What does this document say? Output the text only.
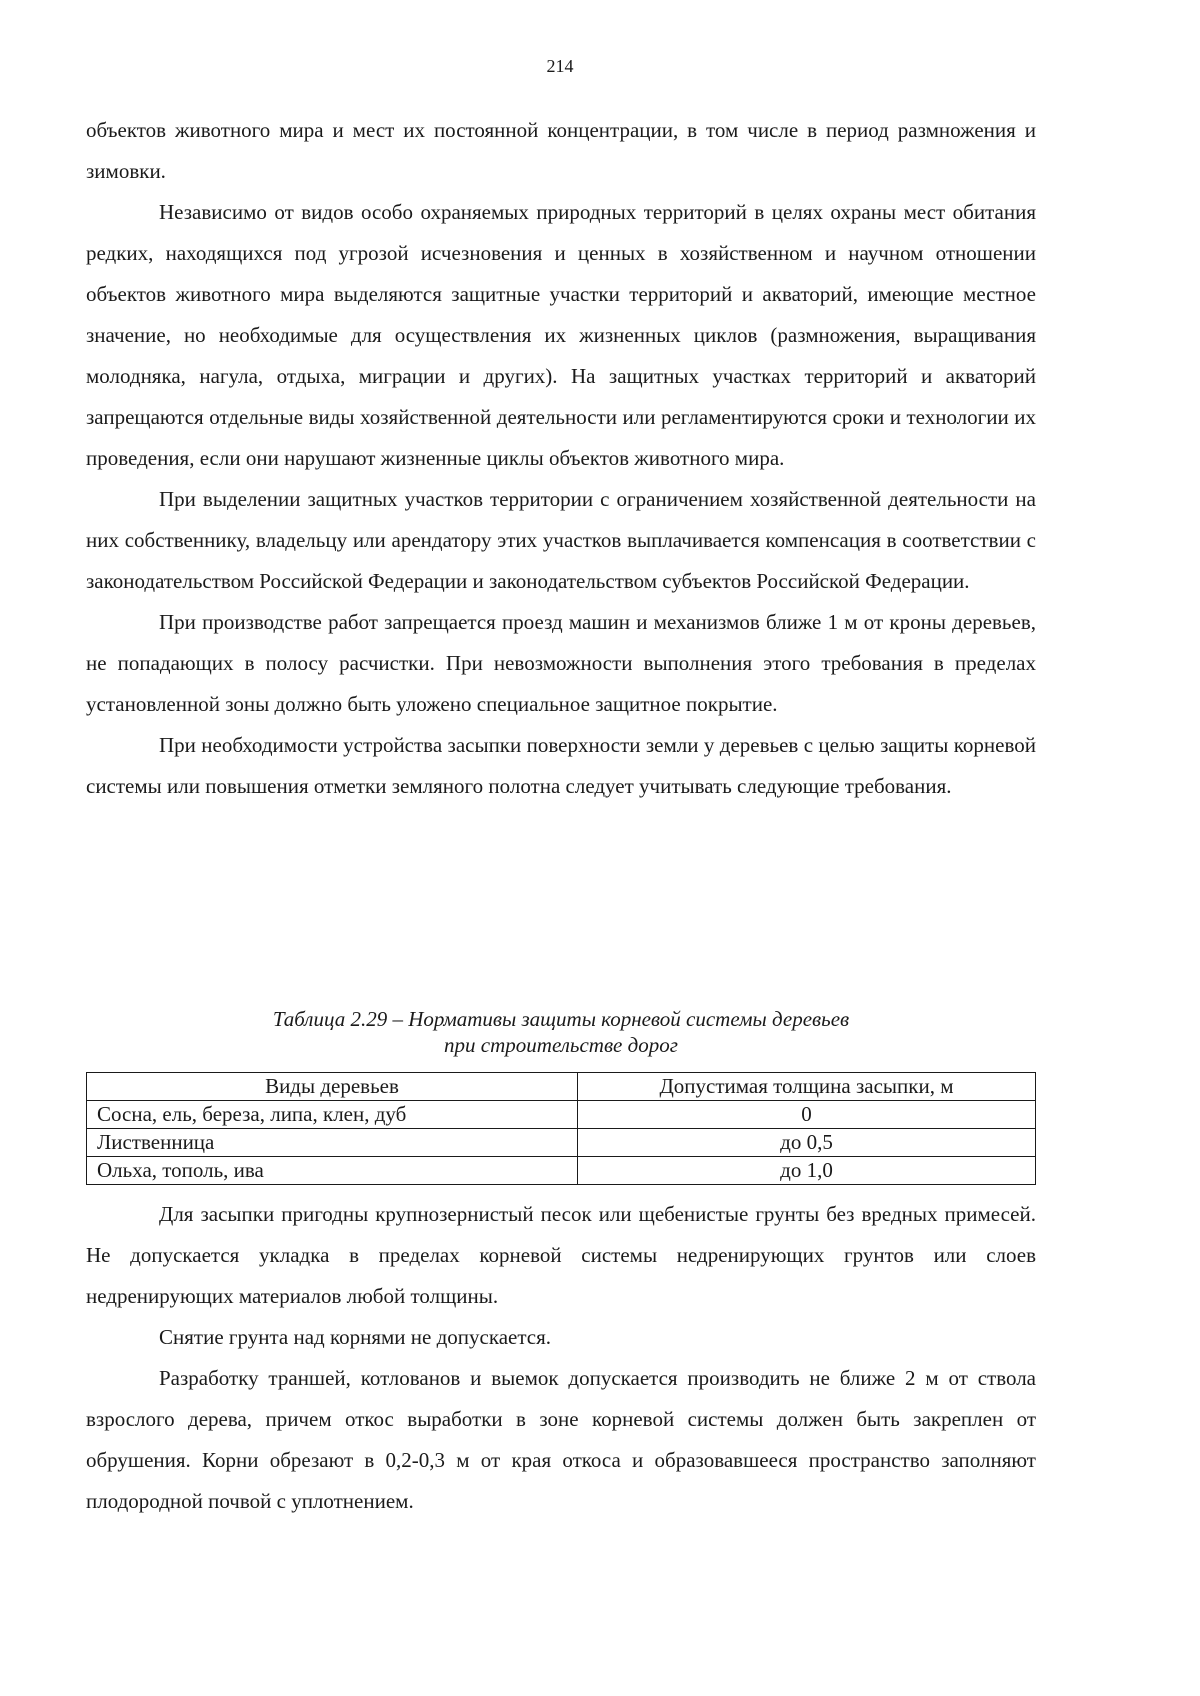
214

объектов животного мира и мест их постоянной концентрации, в том числе в период размножения и зимовки.

Независимо от видов особо охраняемых природных территорий в целях охраны мест обитания редких, находящихся под угрозой исчезновения и ценных в хозяйственном и научном отношении объектов животного мира выделяются защитные участки территорий и акваторий, имеющие местное значение, но необходимые для осуществления их жизненных циклов (размножения, выращивания молодняка, нагула, отдыха, миграции и других). На защитных участках территорий и акваторий запрещаются отдельные виды хозяйственной деятельности или регламентируются сроки и технологии их проведения, если они нарушают жизненные циклы объектов животного мира.

При выделении защитных участков территории с ограничением хозяйственной деятельности на них собственнику, владельцу или арендатору этих участков выплачивается компенсация в соответствии с законодательством Российской Федерации и законодательством субъектов Российской Федерации.

При производстве работ запрещается проезд машин и механизмов ближе 1 м от кроны деревьев, не попадающих в полосу расчистки. При невозможности выполнения этого требования в пределах установленной зоны должно быть уложено специальное защитное покрытие.

При необходимости устройства засыпки поверхности земли у деревьев с целью защиты корневой системы или повышения отметки земляного полотна следует учитывать следующие требования.

Таблица 2.29 – Нормативы защиты корневой системы деревьев
при строительстве дорог
Виды деревьев	Допустимая толщина засыпки, м
Сосна, ель, береза, липа, клен, дуб	0
Лиственница	до 0,5
Ольха, тополь, ива	до 1,0

Для засыпки пригодны крупнозернистый песок или щебенистые грунты без вредных примесей. Не допускается укладка в пределах корневой системы недренирующих грунтов или слоев недренирующих материалов любой толщины.

Снятие грунта над корнями не допускается.

Разработку траншей, котлованов и выемок допускается производить не ближе 2 м от ствола взрослого дерева, причем откос выработки в зоне корневой системы должен быть закреплен от обрушения. Корни обрезают в 0,2-0,3 м от края откоса и образовавшееся пространство заполняют плодородной почвой с уплотнением.
